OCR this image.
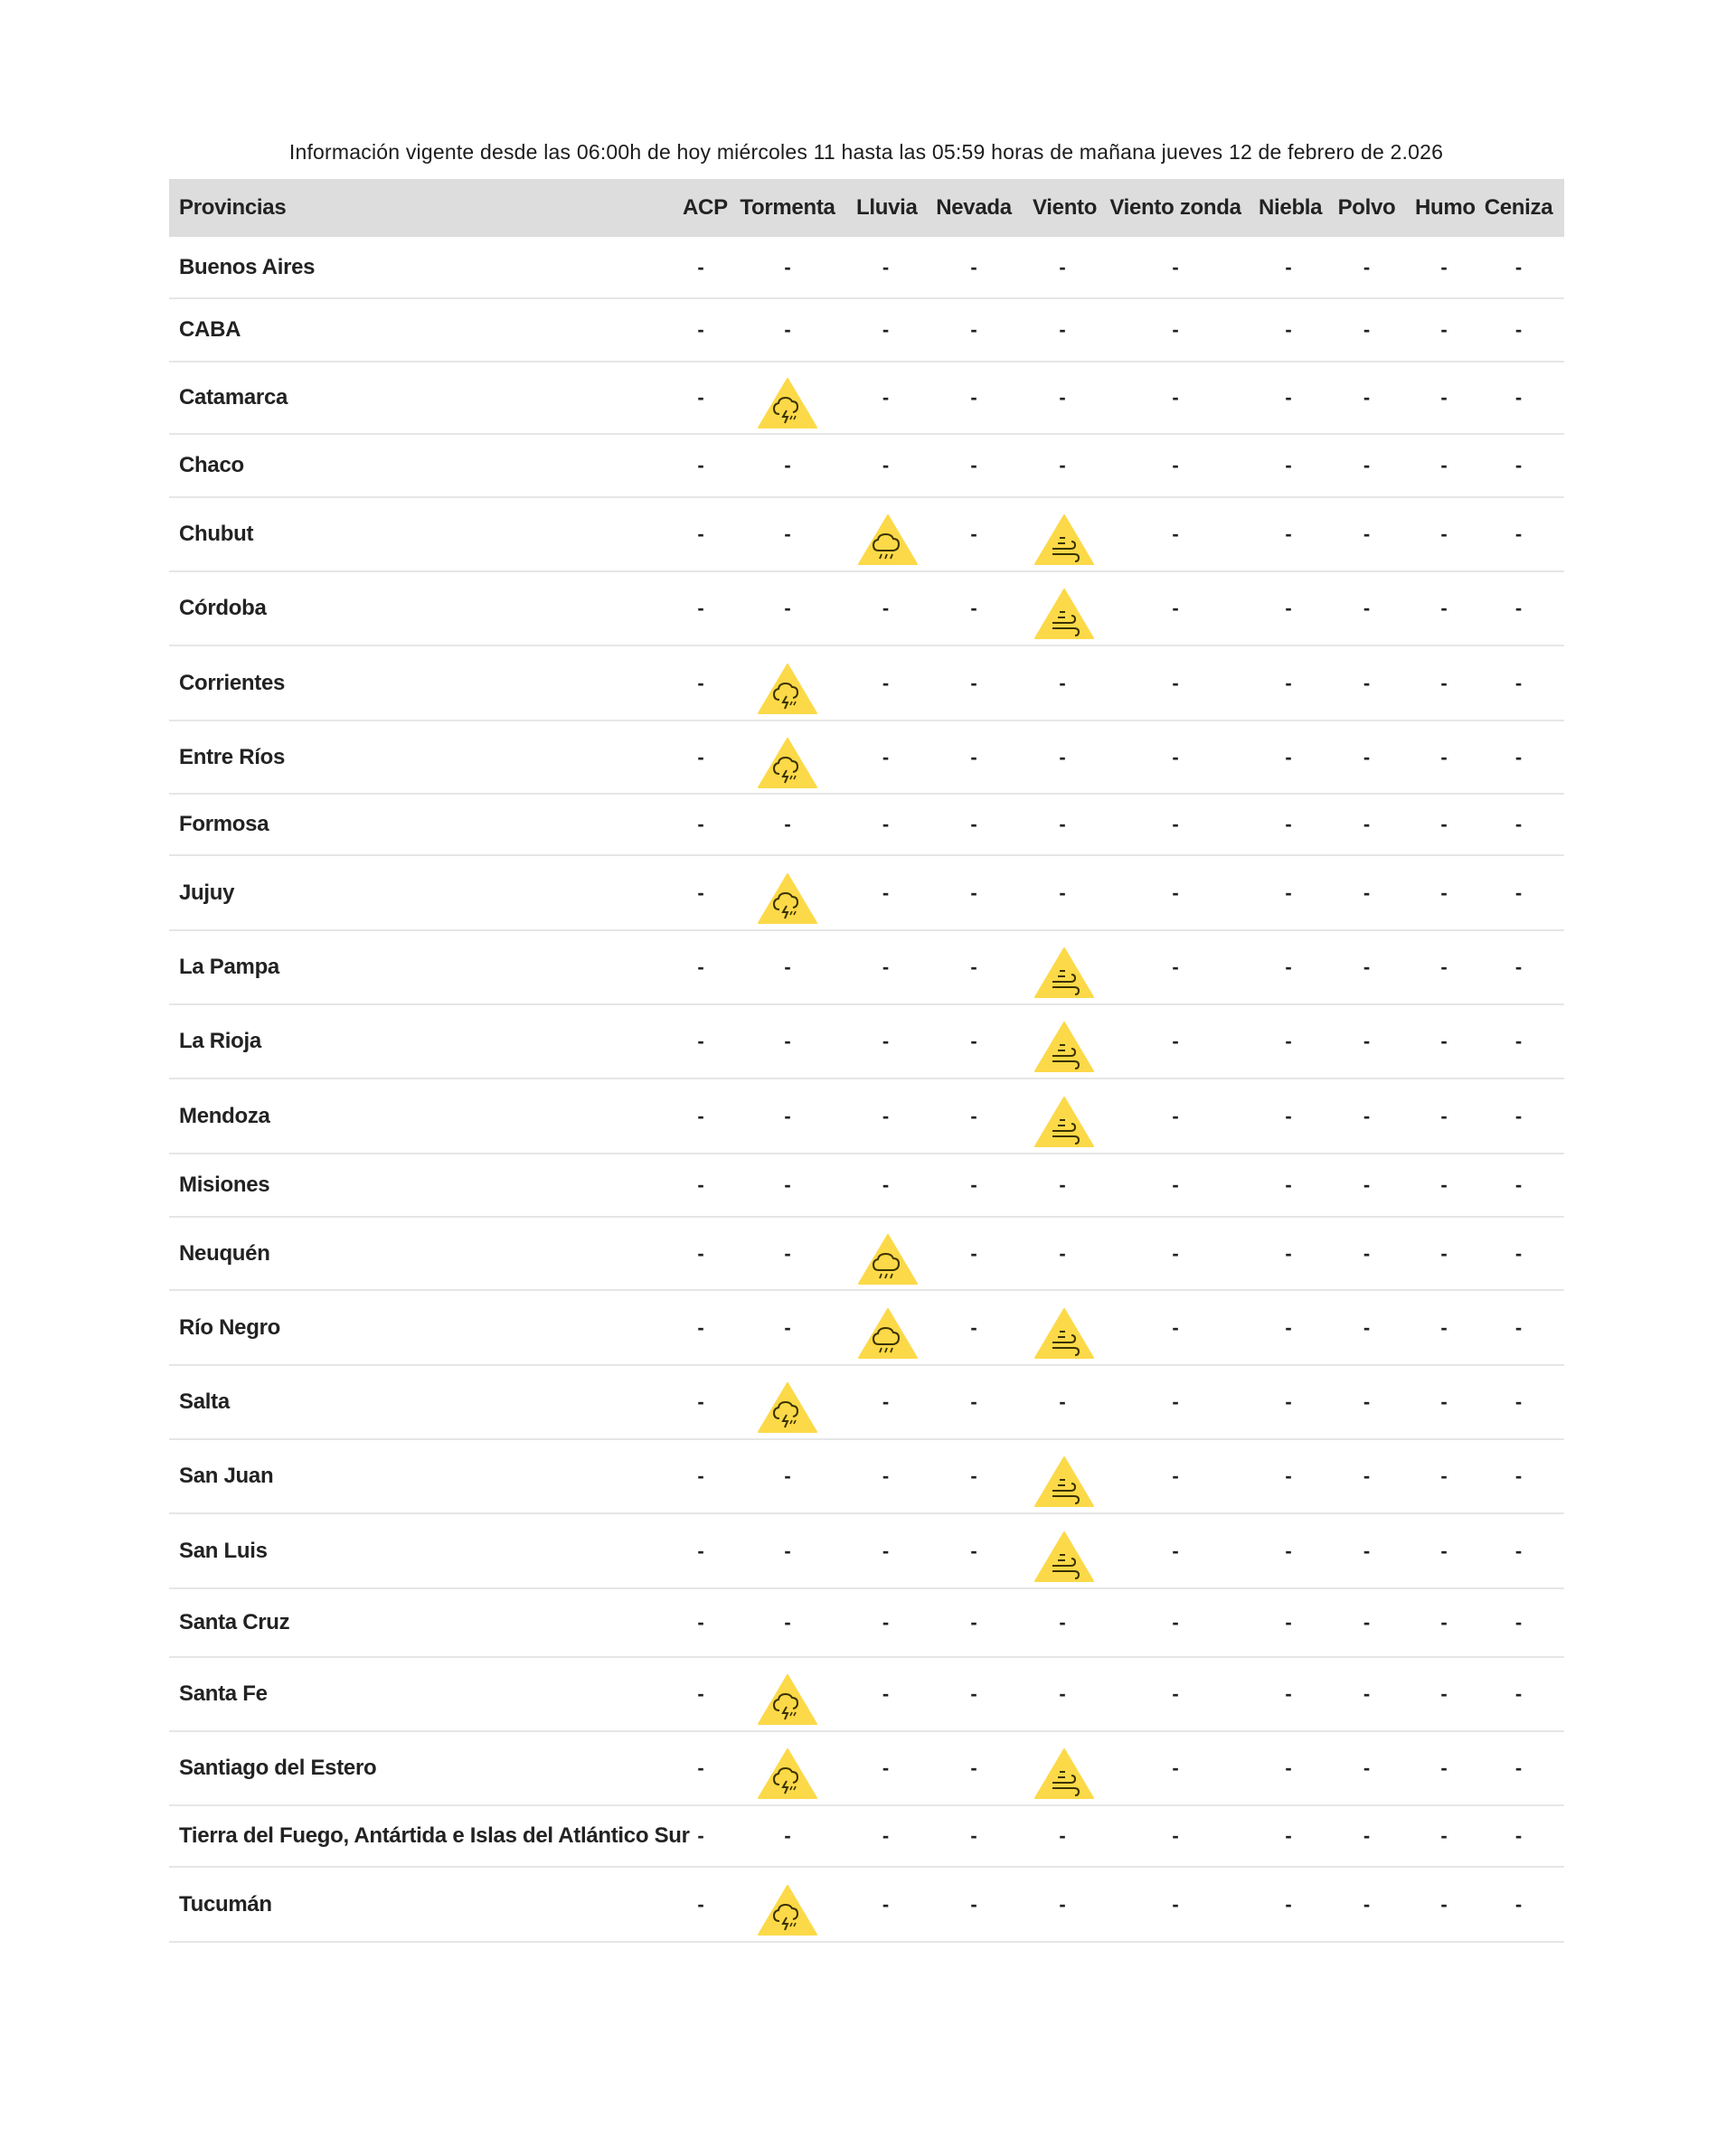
Información vigente desde las 06:00h de hoy miércoles 11 hasta las 05:59 horas de mañana jueves 12 de febrero de 2.026
Provincias	ACP	Tormenta	Lluvia	Nevada	Viento	Viento zonda	Niebla	Polvo	Humo	Ceniza
Buenos Aires	-	-	-	-	-	-	-	-	-	-
CABA	-	-	-	-	-	-	-	-	-	-
Catamarca	-		-	-	-	-	-	-	-	-
Chaco	-	-	-	-	-	-	-	-	-	-
Chubut	-	-		-		-	-	-	-	-
Córdoba	-	-	-	-		-	-	-	-	-
Corrientes	-		-	-	-	-	-	-	-	-
Entre Ríos	-		-	-	-	-	-	-	-	-
Formosa	-	-	-	-	-	-	-	-	-	-
Jujuy	-		-	-	-	-	-	-	-	-
La Pampa	-	-	-	-		-	-	-	-	-
La Rioja	-	-	-	-		-	-	-	-	-
Mendoza	-	-	-	-		-	-	-	-	-
Misiones	-	-	-	-	-	-	-	-	-	-
Neuquén	-	-		-	-	-	-	-	-	-
Río Negro	-	-		-		-	-	-	-	-
Salta	-		-	-	-	-	-	-	-	-
San Juan	-	-	-	-		-	-	-	-	-
San Luis	-	-	-	-		-	-	-	-	-
Santa Cruz	-	-	-	-	-	-	-	-	-	-
Santa Fe	-		-	-	-	-	-	-	-	-
Santiago del Estero	-		-	-		-	-	-	-	-
Tierra del Fuego, Antártida e Islas del Atlántico Sur	-	-	-	-	-	-	-	-	-	-
Tucumán	-		-	-	-	-	-	-	-	-
